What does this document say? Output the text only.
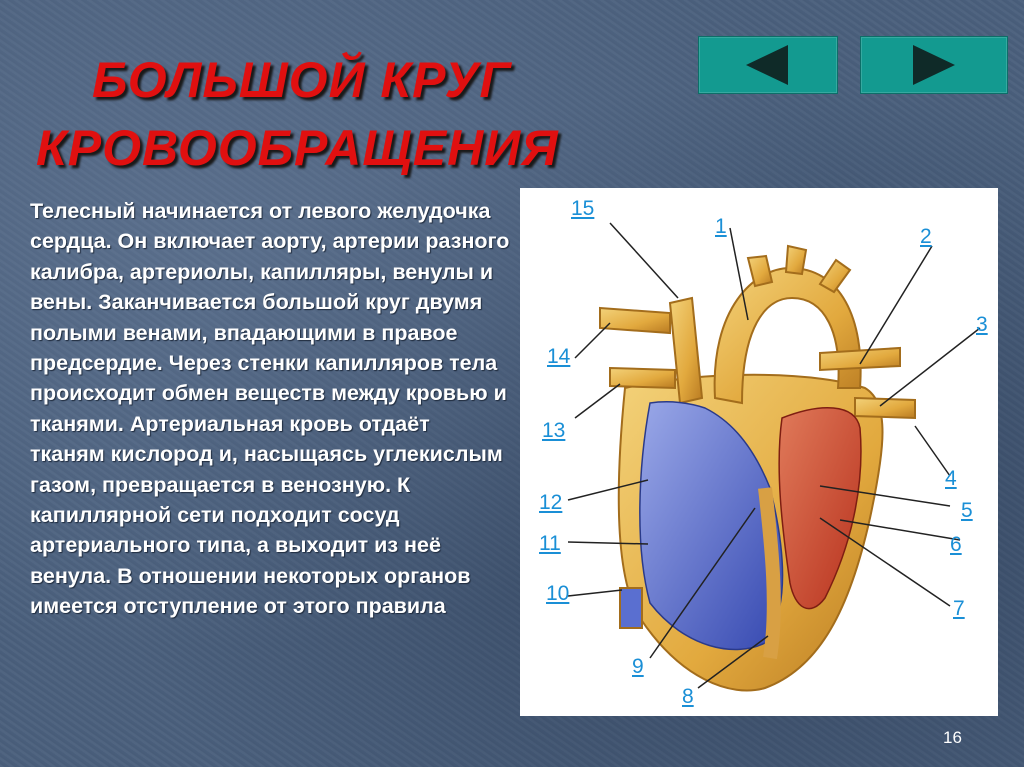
БОЛЬШОЙ КРУГ
КРОВООБРАЩЕНИЯ
Телесный начинается от левого желудочка сердца. Он включает аорту, артерии разного калибра, артериолы, капилляры, венулы и вены. Заканчивается большой круг двумя полыми венами, впадающими в правое предсердие. Через стенки капилляров тела происходит обмен веществ между кровью и тканями. Артериальная кровь отдаёт тканям кислород и, насыщаясь углекислым газом, превращается в венозную. К капиллярной сети подходит сосуд артериального типа, а выходит из неё венула. В отношении некоторых органов имеется отступление от этого правила
15
1	2
3
14
13
4
12	5
11	6
10
7
9
8
16
